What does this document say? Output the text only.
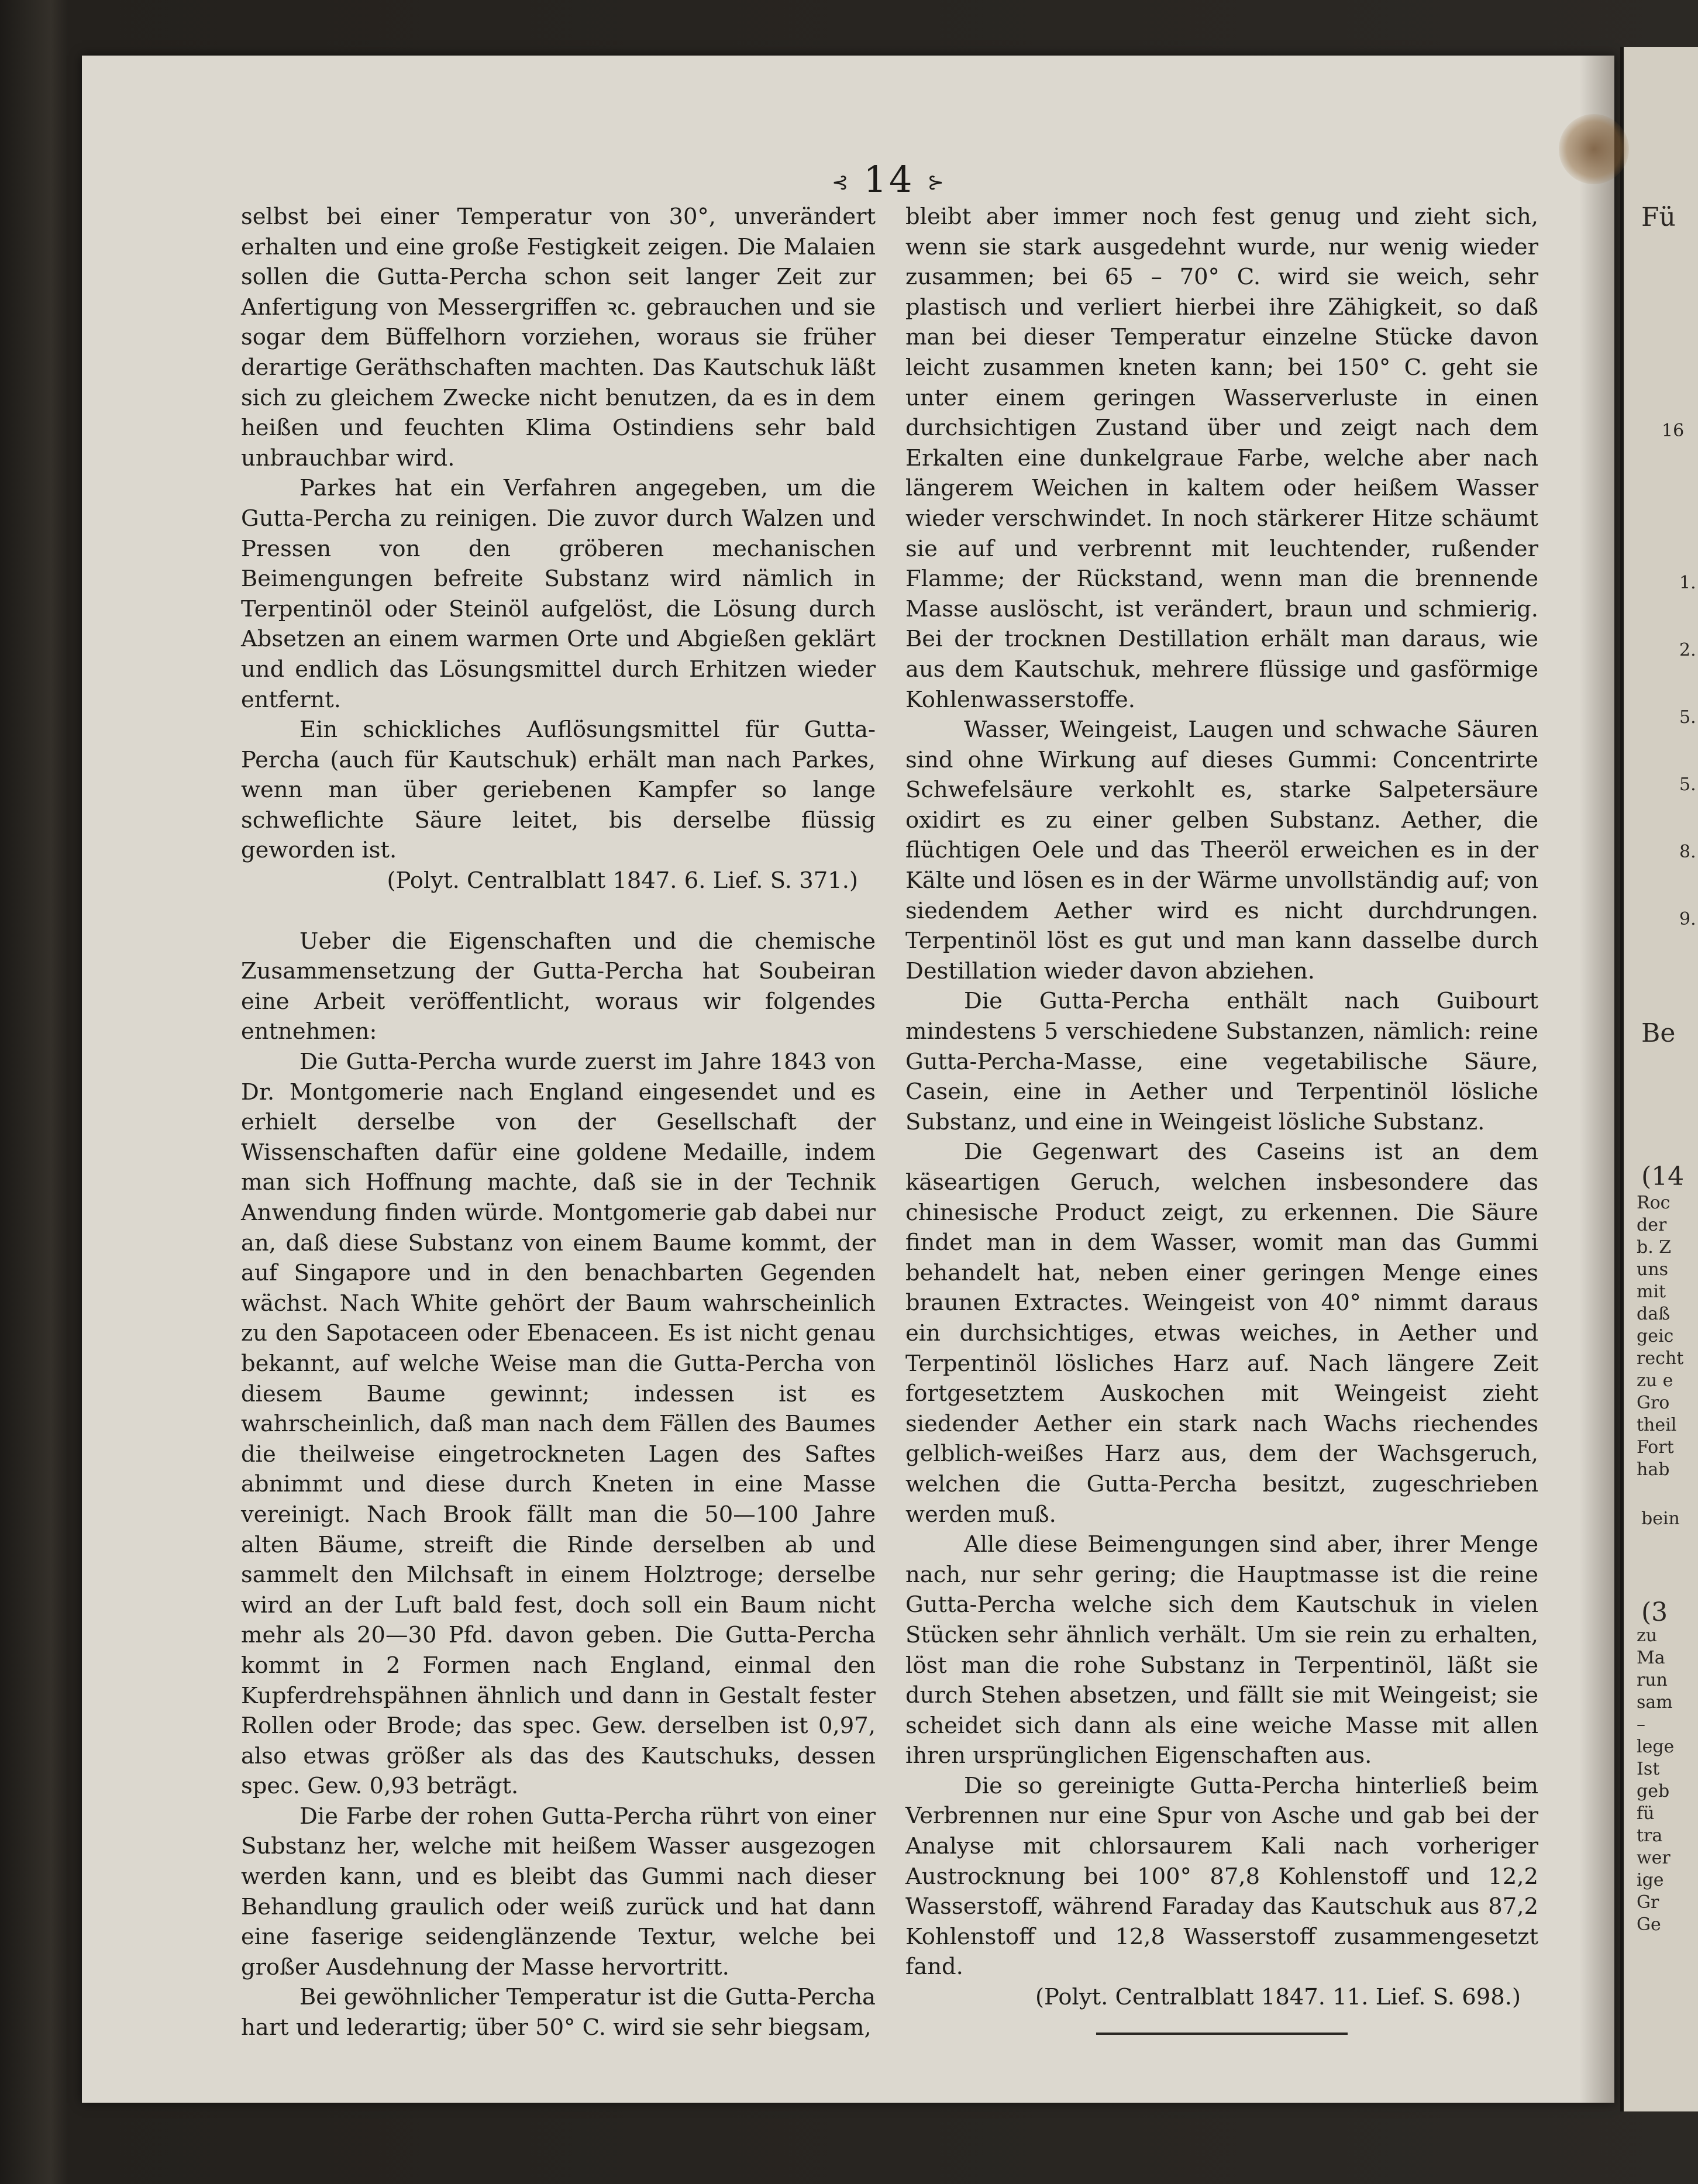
Fü
16
1.
2.
5.
5.
8.
9.
Be
(14
Roc
der
b. Z
uns
mit
daß
geic
recht
zu e
Gro
theil
Fort
hab
bein
(3
zu
Ma
run
sam
–
lege
Ist
geb
fü
tra
wer
ige
Gr
Ge
⊰ 14 ⊱

selbst bei einer Temperatur von 30°, unverändert erhalten und eine große Festigkeit zeigen. Die Malaien sollen die Gutta-Percha schon seit langer Zeit zur Anfertigung von Messergriffen ꝛc. gebrauchen und sie sogar dem Büffelhorn vorziehen, woraus sie früher derartige Geräthschaften machten. Das Kautschuk läßt sich zu gleichem Zwecke nicht benutzen, da es in dem heißen und feuchten Klima Ostindiens sehr bald unbrauchbar wird.

Parkes hat ein Verfahren angegeben, um die Gutta-Percha zu reinigen. Die zuvor durch Walzen und Pressen von den gröberen mechanischen Beimengungen befreite Substanz wird nämlich in Terpentinöl oder Steinöl aufgelöst, die Lösung durch Absetzen an einem warmen Orte und Abgießen geklärt und endlich das Lösungsmittel durch Erhitzen wieder entfernt.

Ein schickliches Auflösungsmittel für Gutta-Percha (auch für Kautschuk) erhält man nach Parkes, wenn man über geriebenen Kampfer so lange schweflichte Säure leitet, bis derselbe flüssig geworden ist.

(Polyt. Centralblatt 1847. 6. Lief. S. 371.)

Ueber die Eigenschaften und die chemische Zusammensetzung der Gutta-Percha hat Soubeiran eine Arbeit veröffentlicht, woraus wir folgendes entnehmen:

Die Gutta-Percha wurde zuerst im Jahre 1843 von Dr. Montgomerie nach England eingesendet und es erhielt derselbe von der Gesellschaft der Wissenschaften dafür eine goldene Medaille, indem man sich Hoffnung machte, daß sie in der Technik Anwendung finden würde. Montgomerie gab dabei nur an, daß diese Substanz von einem Baume kommt, der auf Singapore und in den benachbarten Gegenden wächst. Nach White gehört der Baum wahrscheinlich zu den Sapotaceen oder Ebenaceen. Es ist nicht genau bekannt, auf welche Weise man die Gutta-Percha von diesem Baume gewinnt; indessen ist es wahrscheinlich, daß man nach dem Fällen des Baumes die theilweise eingetrockneten Lagen des Saftes abnimmt und diese durch Kneten in eine Masse vereinigt. Nach Brook fällt man die 50—100 Jahre alten Bäume, streift die Rinde derselben ab und sammelt den Milchsaft in einem Holztroge; derselbe wird an der Luft bald fest, doch soll ein Baum nicht mehr als 20—30 Pfd. davon geben. Die Gutta-Percha kommt in 2 Formen nach England, einmal den Kupferdrehspähnen ähnlich und dann in Gestalt fester Rollen oder Brode; das spec. Gew. derselben ist 0,97, also etwas größer als das des Kautschuks, dessen spec. Gew. 0,93 beträgt.

Die Farbe der rohen Gutta-Percha rührt von einer Substanz her, welche mit heißem Wasser ausgezogen werden kann, und es bleibt das Gummi nach dieser Behandlung graulich oder weiß zurück und hat dann eine faserige seidenglänzende Textur, welche bei großer Ausdehnung der Masse hervortritt.

Bei gewöhnlicher Temperatur ist die Gutta-Percha hart und lederartig; über 50° C. wird sie sehr biegsam,

bleibt aber immer noch fest genug und zieht sich, wenn sie stark ausgedehnt wurde, nur wenig wieder zusammen; bei 65 – 70° C. wird sie weich, sehr plastisch und verliert hierbei ihre Zähigkeit, so daß man bei dieser Temperatur einzelne Stücke davon leicht zusammen kneten kann; bei 150° C. geht sie unter einem geringen Wasserverluste in einen durchsichtigen Zustand über und zeigt nach dem Erkalten eine dunkelgraue Farbe, welche aber nach längerem Weichen in kaltem oder heißem Wasser wieder verschwindet. In noch stärkerer Hitze schäumt sie auf und verbrennt mit leuchtender, rußender Flamme; der Rückstand, wenn man die brennende Masse auslöscht, ist verändert, braun und schmierig. Bei der trocknen Destillation erhält man daraus, wie aus dem Kautschuk, mehrere flüssige und gasförmige Kohlenwasserstoffe.

Wasser, Weingeist, Laugen und schwache Säuren sind ohne Wirkung auf dieses Gummi: Concentrirte Schwefelsäure verkohlt es, starke Salpetersäure oxidirt es zu einer gelben Substanz. Aether, die flüchtigen Oele und das Theeröl erweichen es in der Kälte und lösen es in der Wärme unvollständig auf; von siedendem Aether wird es nicht durchdrungen. Terpentinöl löst es gut und man kann dasselbe durch Destillation wieder davon abziehen.

Die Gutta-Percha enthält nach Guibourt mindestens 5 verschiedene Substanzen, nämlich: reine Gutta-Percha-Masse, eine vegetabilische Säure, Casein, eine in Aether und Terpentinöl lösliche Substanz, und eine in Weingeist lösliche Substanz.

Die Gegenwart des Caseins ist an dem käseartigen Geruch, welchen insbesondere das chinesische Product zeigt, zu erkennen. Die Säure findet man in dem Wasser, womit man das Gummi behandelt hat, neben einer geringen Menge eines braunen Extractes. Weingeist von 40° nimmt daraus ein durchsichtiges, etwas weiches, in Aether und Terpentinöl lösliches Harz auf. Nach längere Zeit fortgesetztem Auskochen mit Weingeist zieht siedender Aether ein stark nach Wachs riechendes gelblich-weißes Harz aus, dem der Wachsgeruch, welchen die Gutta-Percha besitzt, zugeschrieben werden muß.

Alle diese Beimengungen sind aber, ihrer Menge nach, nur sehr gering; die Hauptmasse ist die reine Gutta-Percha welche sich dem Kautschuk in vielen Stücken sehr ähnlich verhält. Um sie rein zu erhalten, löst man die rohe Substanz in Terpentinöl, läßt sie durch Stehen absetzen, und fällt sie mit Weingeist; sie scheidet sich dann als eine weiche Masse mit allen ihren ursprünglichen Eigenschaften aus.

Die so gereinigte Gutta-Percha hinterließ beim Verbrennen nur eine Spur von Asche und gab bei der Analyse mit chlorsaurem Kali nach vorheriger Austrocknung bei 100° 87,8 Kohlenstoff und 12,2 Wasserstoff, während Faraday das Kautschuk aus 87,2 Kohlenstoff und 12,8 Wasserstoff zusammengesetzt fand.

(Polyt. Centralblatt 1847. 11. Lief. S. 698.)
